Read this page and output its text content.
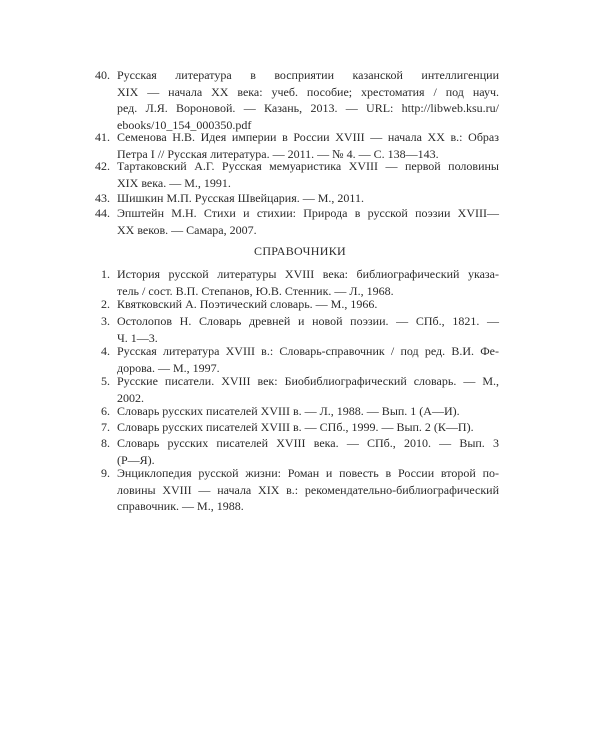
40. Русская литература в восприятии казанской интеллигенции
XIX — начала XX века: учеб. пособие; хрестоматия / под науч.
ред. Л.Я. Вороновой. — Казань, 2013. — URL: http://libweb.ksu.ru/
ebooks/10_154_000350.pdf
41. Семенова Н.В. Идея империи в России XVIII — начала XX в.: Образ
Петра I // Русская литература. — 2011. — № 4. — С. 138—143.
42. Тартаковский А.Г. Русская мемуаристика XVIII — первой половины
XIX века. — М., 1991.
43. Шишкин М.П. Русская Швейцария. — М., 2011.
44. Эпштейн М.Н. Стихи и стихии: Природа в русской поэзии XVIII—
XX веков. — Самара, 2007.
СПРАВОЧНИКИ
1. История русской литературы XVIII века: библиографический указа-
тель / сост. В.П. Степанов, Ю.В. Стенник. — Л., 1968.
2. Квятковский А. Поэтический словарь. — М., 1966.
3. Остолопов Н. Словарь древней и новой поэзии. — СПб., 1821. —
Ч. 1—3.
4. Русская литература XVIII в.: Словарь-справочник / под ред. В.И. Фе-
дорова. — М., 1997.
5. Русские писатели. XVIII век: Биобиблиографический словарь. — М.,
2002.
6. Словарь русских писателей XVIII в. — Л., 1988. — Вып. 1 (А—И).
7. Словарь русских писателей XVIII в. — СПб., 1999. — Вып. 2 (К—П).
8. Словарь русских писателей XVIII века. — СПб., 2010. — Вып. 3
(Р—Я).
9. Энциклопедия русской жизни: Роман и повесть в России второй по-
ловины XVIII — начала XIX в.: рекомендательно-библиографический
справочник. — М., 1988.
